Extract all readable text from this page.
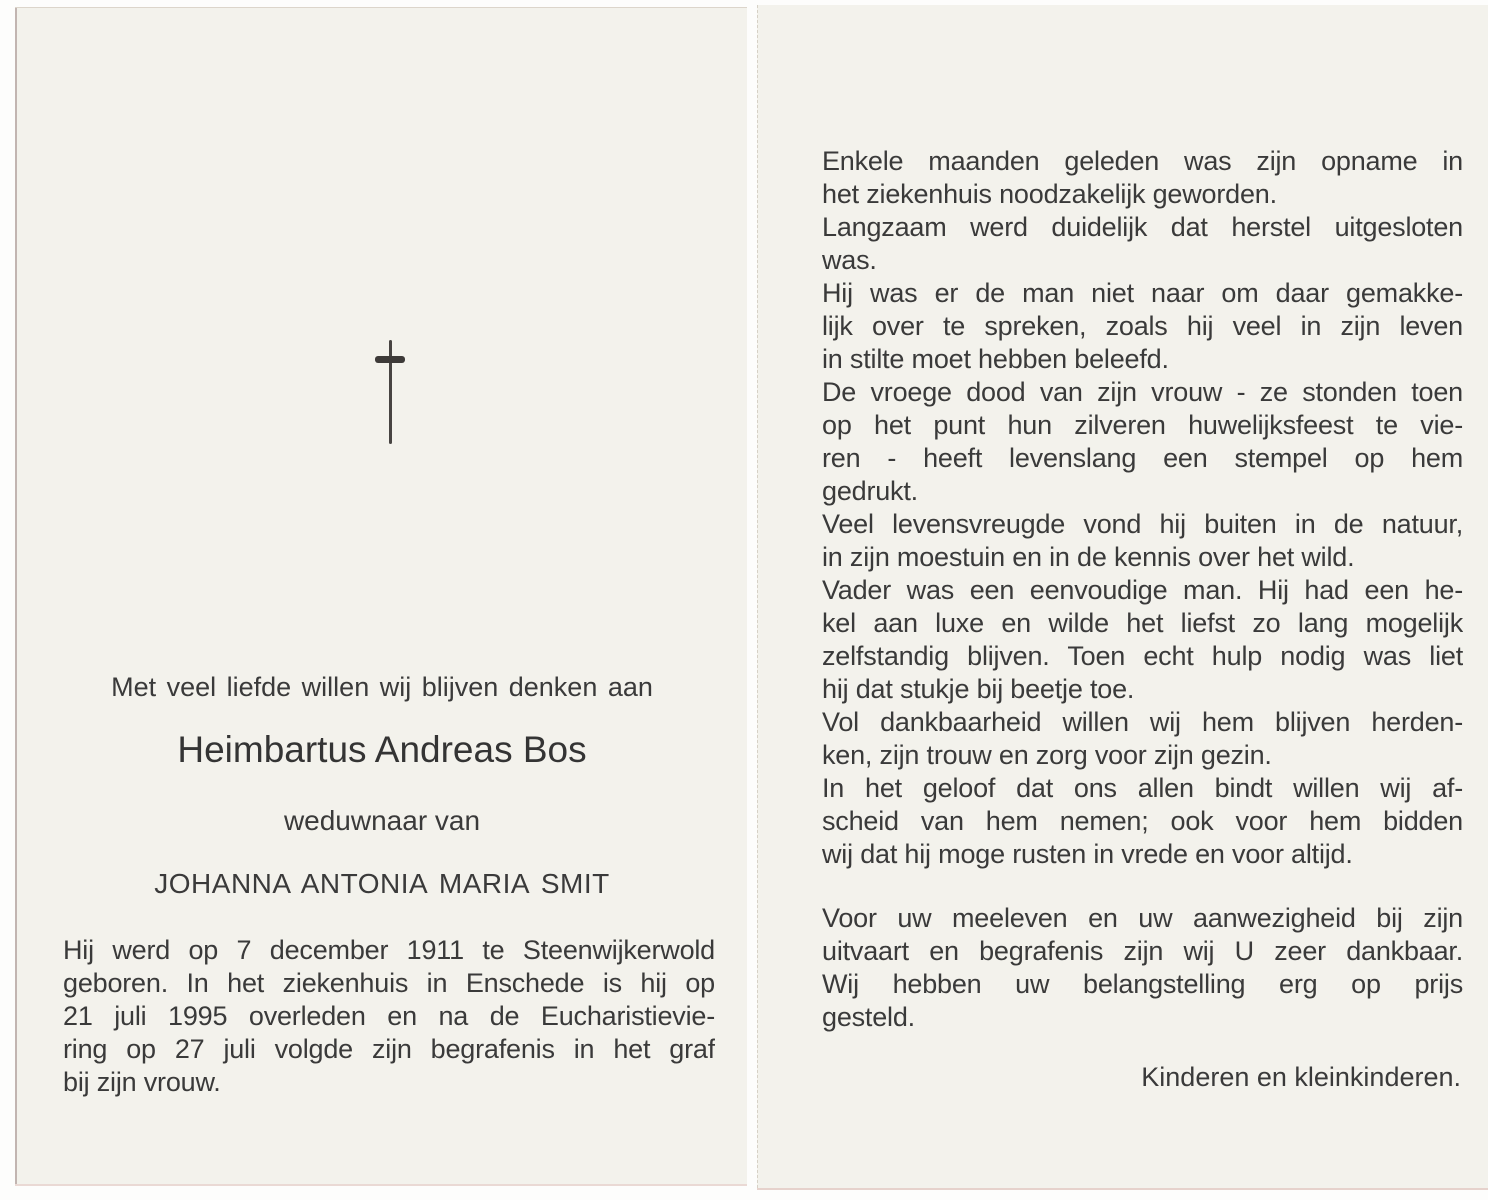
Met veel liefde willen wij blijven denken aan
Heimbartus Andreas Bos
weduwnaar van
JOHANNA ANTONIA MARIA SMIT
Hij werd op 7 december 1911 te Steenwijkerwold
geboren. In het ziekenhuis in Enschede is hij op
21 juli 1995 overleden en na de Eucharistievie-
ring op 27 juli volgde zijn begrafenis in het graf
bij zijn vrouw.
Enkele maanden geleden was zijn opname in
het ziekenhuis noodzakelijk geworden.
Langzaam werd duidelijk dat herstel uitgesloten
was.
Hij was er de man niet naar om daar gemakke-
lijk over te spreken, zoals hij veel in zijn leven
in stilte moet hebben beleefd.
De vroege dood van zijn vrouw - ze stonden toen
op het punt hun zilveren huwelijksfeest te vie-
ren - heeft levenslang een stempel op hem
gedrukt.
Veel levensvreugde vond hij buiten in de natuur,
in zijn moestuin en in de kennis over het wild.
Vader was een eenvoudige man. Hij had een he-
kel aan luxe en wilde het liefst zo lang mogelijk
zelfstandig blijven. Toen echt hulp nodig was liet
hij dat stukje bij beetje toe.
Vol dankbaarheid willen wij hem blijven herden-
ken, zijn trouw en zorg voor zijn gezin.
In het geloof dat ons allen bindt willen wij af-
scheid van hem nemen; ook voor hem bidden
wij dat hij moge rusten in vrede en voor altijd.
Voor uw meeleven en uw aanwezigheid bij zijn
uitvaart en begrafenis zijn wij U zeer dankbaar.
Wij hebben uw belangstelling erg op prijs
gesteld.
Kinderen en kleinkinderen.
